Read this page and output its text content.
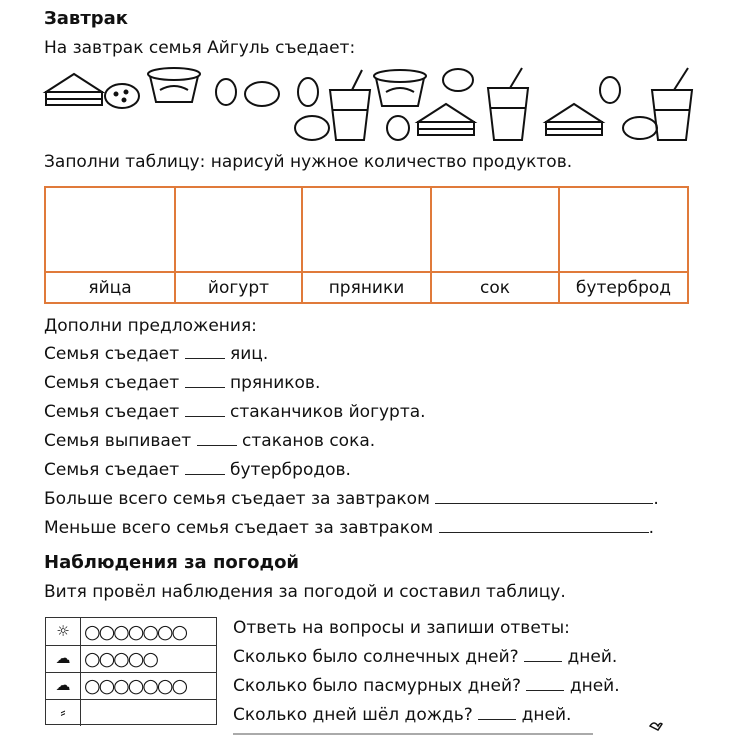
Завтрак
На завтрак семья Айгуль съедает:
Заполни таблицу: нарисуй нужное количество продуктов.
яйца	йогурт	пряники	сок	бутерброд
Дополни предложения:
Семья съедает	яиц.
Семья съедает	пряников.
Семья съедает	стаканчиков йогурта.
Семья выпивает	стаканов сока.
Семья съедает	бутербродов.
Больше всего семья съедает за завтраком	.
Меньше всего семья съедает за завтраком	.
Наблюдения за погодой
Витя провёл наблюдения за погодой и составил таблицу.
☼ ○○○○○○○
☁ ○○○○○
☁ ○○○○○○○
⸗
Ответь на вопросы и запиши ответы:
Сколько было солнечных дней?	дней.
Сколько было пасмурных дней?	дней.
Сколько дней шёл дождь?	дней.
